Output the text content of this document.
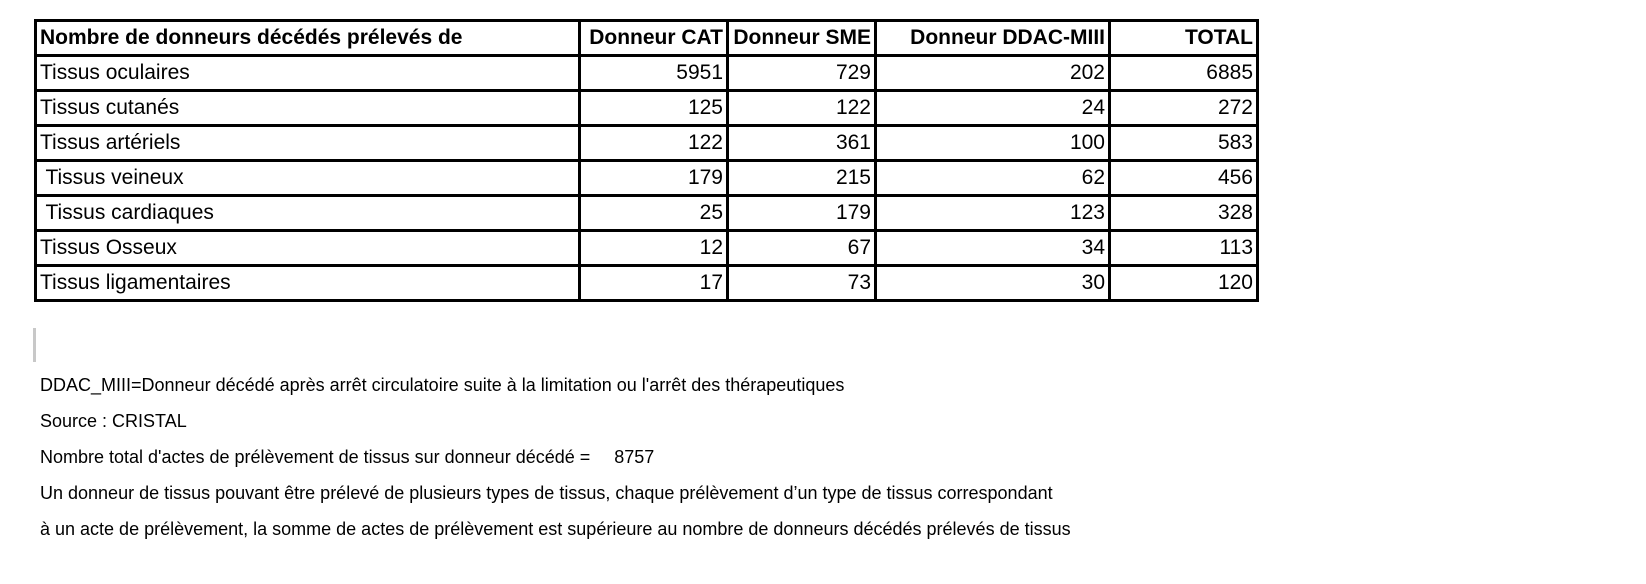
Nombre de donneurs décédés prélevés de	Donneur CAT	Donneur SME	Donneur DDAC-MIII	TOTAL
Tissus oculaires	5951	729	202	6885
Tissus cutanés	125	122	24	272
Tissus artériels	122	361	100	583
Tissus veineux	179	215	62	456
Tissus cardiaques	25	179	123	328
Tissus Osseux	12	67	34	113
Tissus ligamentaires	17	73	30	120

DDAC_MIII=Donneur décédé après arrêt circulatoire suite à la limitation ou l'arrêt des thérapeutiques

Source : CRISTAL

Nombre total d'actes de prélèvement de tissus sur donneur décédé = 8757

Un donneur de tissus pouvant être prélevé de plusieurs types de tissus, chaque prélèvement d’un type de tissus correspondant

à un acte de prélèvement, la somme de actes de prélèvement est supérieure au nombre de donneurs décédés prélevés de tissus
